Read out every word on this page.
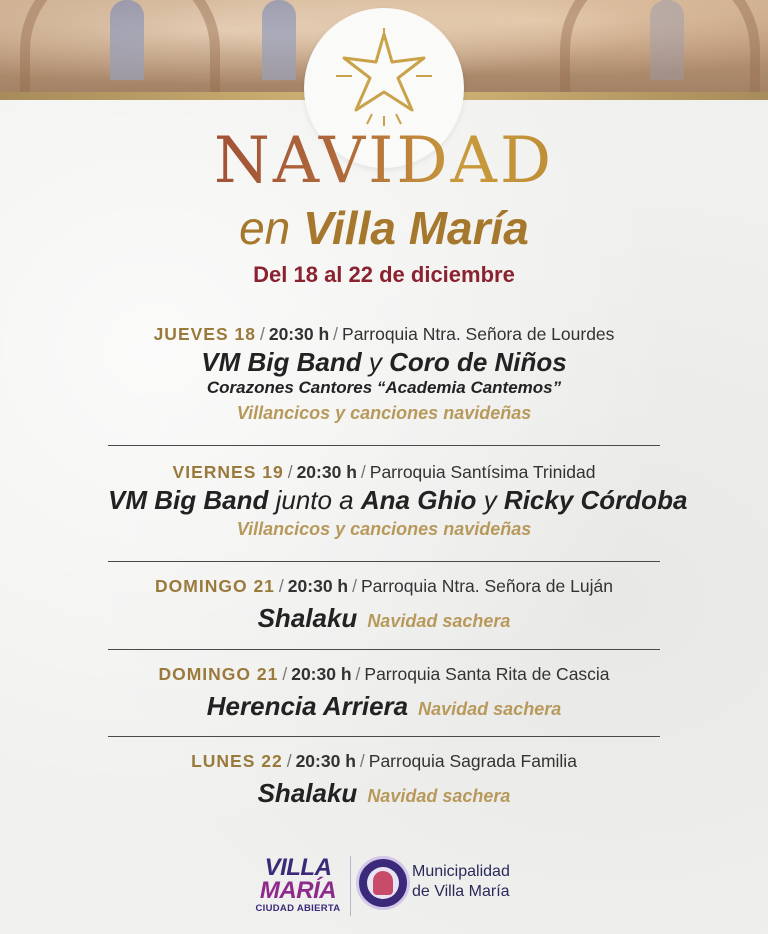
NAVIDAD
en Villa María
Del 18 al 22 de diciembre
JUEVES 18 / 20:30 h / Parroquia Ntra. Señora de Lourdes
VM Big Band y Coro de Niños
Corazones Cantores “Academia Cantemos”
Villancicos y canciones navideñas
VIERNES 19 / 20:30 h / Parroquia Santísima Trinidad
VM Big Band junto a Ana Ghio y Ricky Córdoba
Villancicos y canciones navideñas
DOMINGO 21 / 20:30 h / Parroquia Ntra. Señora de Luján
Shalaku Navidad sachera
DOMINGO 21 / 20:30 h / Parroquia Santa Rita de Cascia
Herencia Arriera Navidad sachera
LUNES 22 / 20:30 h / Parroquia Sagrada Familia
Shalaku Navidad sachera
VILLA
MARÍA
CIUDAD ABIERTA
Municipalidad
de Villa María
